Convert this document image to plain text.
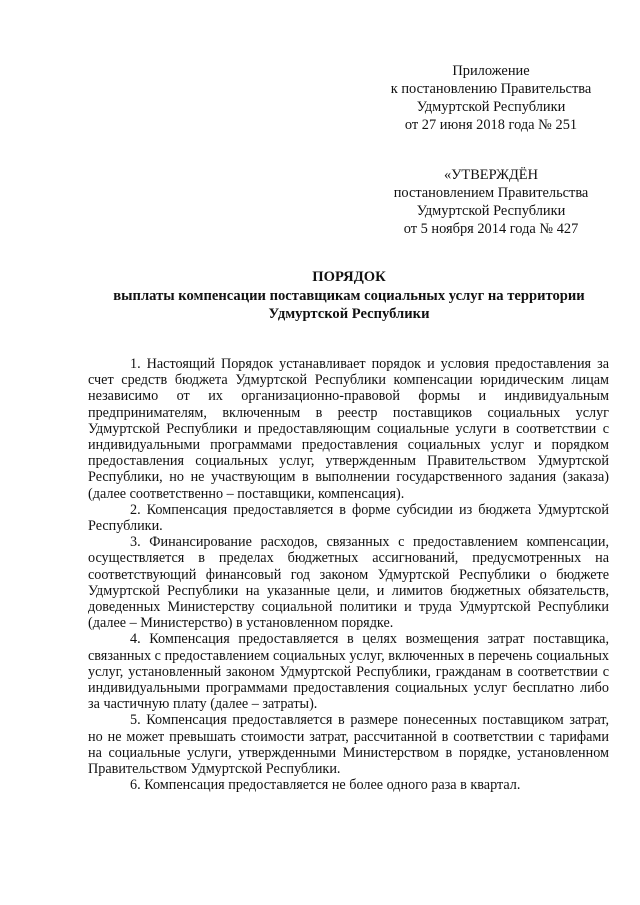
Приложение
к постановлению Правительства
Удмуртской Республики
от 27 июня 2018 года № 251
«УТВЕРЖДЁН
постановлением Правительства
Удмуртской Республики
от 5 ноября 2014 года № 427
ПОРЯДОК
выплаты компенсации поставщикам социальных услуг на территории Удмуртской Республики

1. Настоящий Порядок устанавливает порядок и условия предоставления за счет средств бюджета Удмуртской Республики компенсации юридическим лицам независимо от их организационно-правовой формы и индивидуальным предпринимателям, включенным в реестр поставщиков социальных услуг Удмуртской Республики и предоставляющим социальные услуги в соответствии с индивидуальными программами предоставления социальных услуг и порядком предоставления социальных услуг, утвержденным Правительством Удмуртской Республики, но не участвующим в выполнении государственного задания (заказа) (далее соответственно – поставщики, компенсация).

2. Компенсация предоставляется в форме субсидии из бюджета Удмуртской Республики.

3. Финансирование расходов, связанных с предоставлением компенсации, осуществляется в пределах бюджетных ассигнований, предусмотренных на соответствующий финансовый год законом Удмуртской Республики о бюджете Удмуртской Республики на указанные цели, и лимитов бюджетных обязательств, доведенных Министерству социальной политики и труда Удмуртской Республики (далее – Министерство) в установленном порядке.

4. Компенсация предоставляется в целях возмещения затрат поставщика, связанных с предоставлением социальных услуг, включенных в перечень социальных услуг, установленный законом Удмуртской Республики, гражданам в соответствии с индивидуальными программами предоставления социальных услуг бесплатно либо за частичную плату (далее – затраты).

5. Компенсация предоставляется в размере понесенных поставщиком затрат, но не может превышать стоимости затрат, рассчитанной в соответствии с тарифами на социальные услуги, утвержденными Министерством в порядке, установленном Правительством Удмуртской Республики.

6. Компенсация предоставляется не более одного раза в квартал.
